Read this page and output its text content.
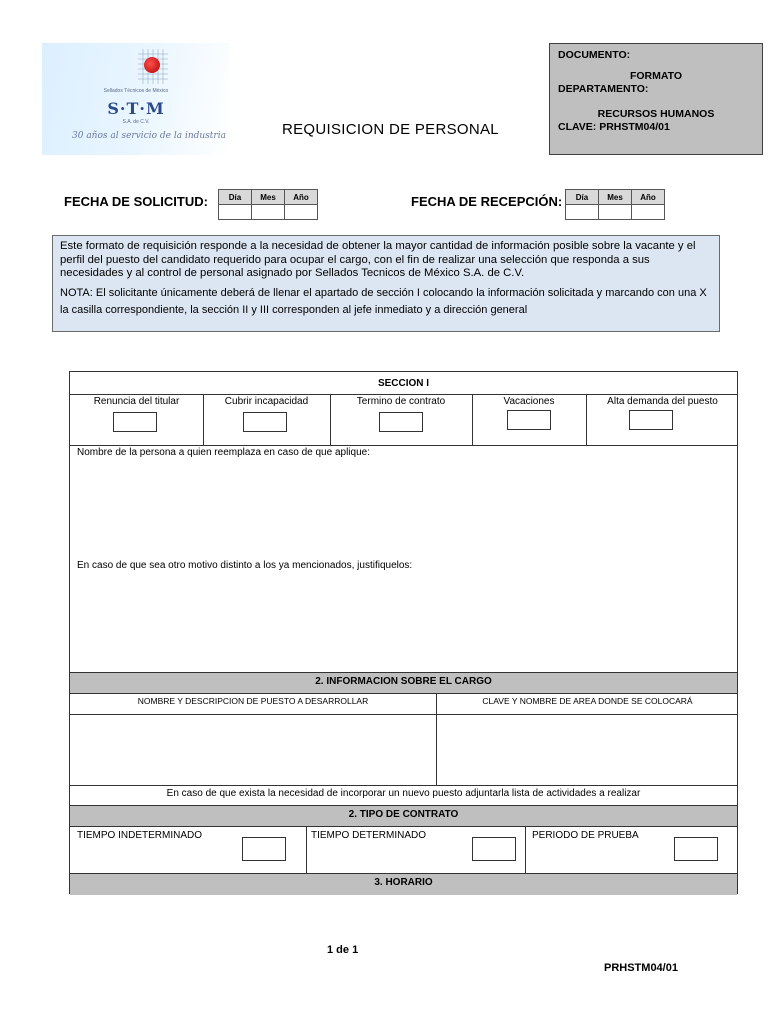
Sellados Técnicos de México
S·T·M
S.A. de C.V.
30 años al servicio de la industria	REQUISICION DE PERSONAL
DOCUMENTO:
FORMATO
DEPARTAMENTO:
RECURSOS HUMANOS
CLAVE: PRHSTM04/01
FECHA DE SOLICITUD:	Día	Mes	Año
			FECHA DE RECEPCIÓN: Día	Mes	Año

Este formato de requisición responde a la necesidad de obtener la mayor cantidad de información posible sobre la vacante y el perfil del puesto del candidato requerido para ocupar el cargo, con el fin de realizar una selección que responda a sus necesidades y al control de personal asignado por Sellados Tecnicos de México S.A. de C.V.

NOTA: El solicitante únicamente deberá de llenar el apartado de sección I colocando la información solicitada y marcando con una X la casilla correspondiente, la sección II y III corresponden al jefe inmediato y a dirección general

SECCION I
Renuncia del titular	Cubrir incapacidad	Termino de contrato	Vacaciones	Alta demanda del puesto
Nombre de la persona a quien reemplaza en caso de que aplique:
En caso de que sea otro motivo distinto a los ya mencionados, justifiquelos:
2. INFORMACION SOBRE EL CARGO
NOMBRE Y DESCRIPCION DE PUESTO A DESARROLLAR	CLAVE Y NOMBRE DE AREA DONDE SE COLOCARÁ
En caso de que exista la necesidad de incorporar un nuevo puesto adjuntarla lista de actividades a realizar
2. TIPO DE CONTRATO
TIEMPO INDETERMINADO	TIEMPO DETERMINADO	PERIODO DE PRUEBA
3. HORARIO
1 de 1
PRHSTM04/01
